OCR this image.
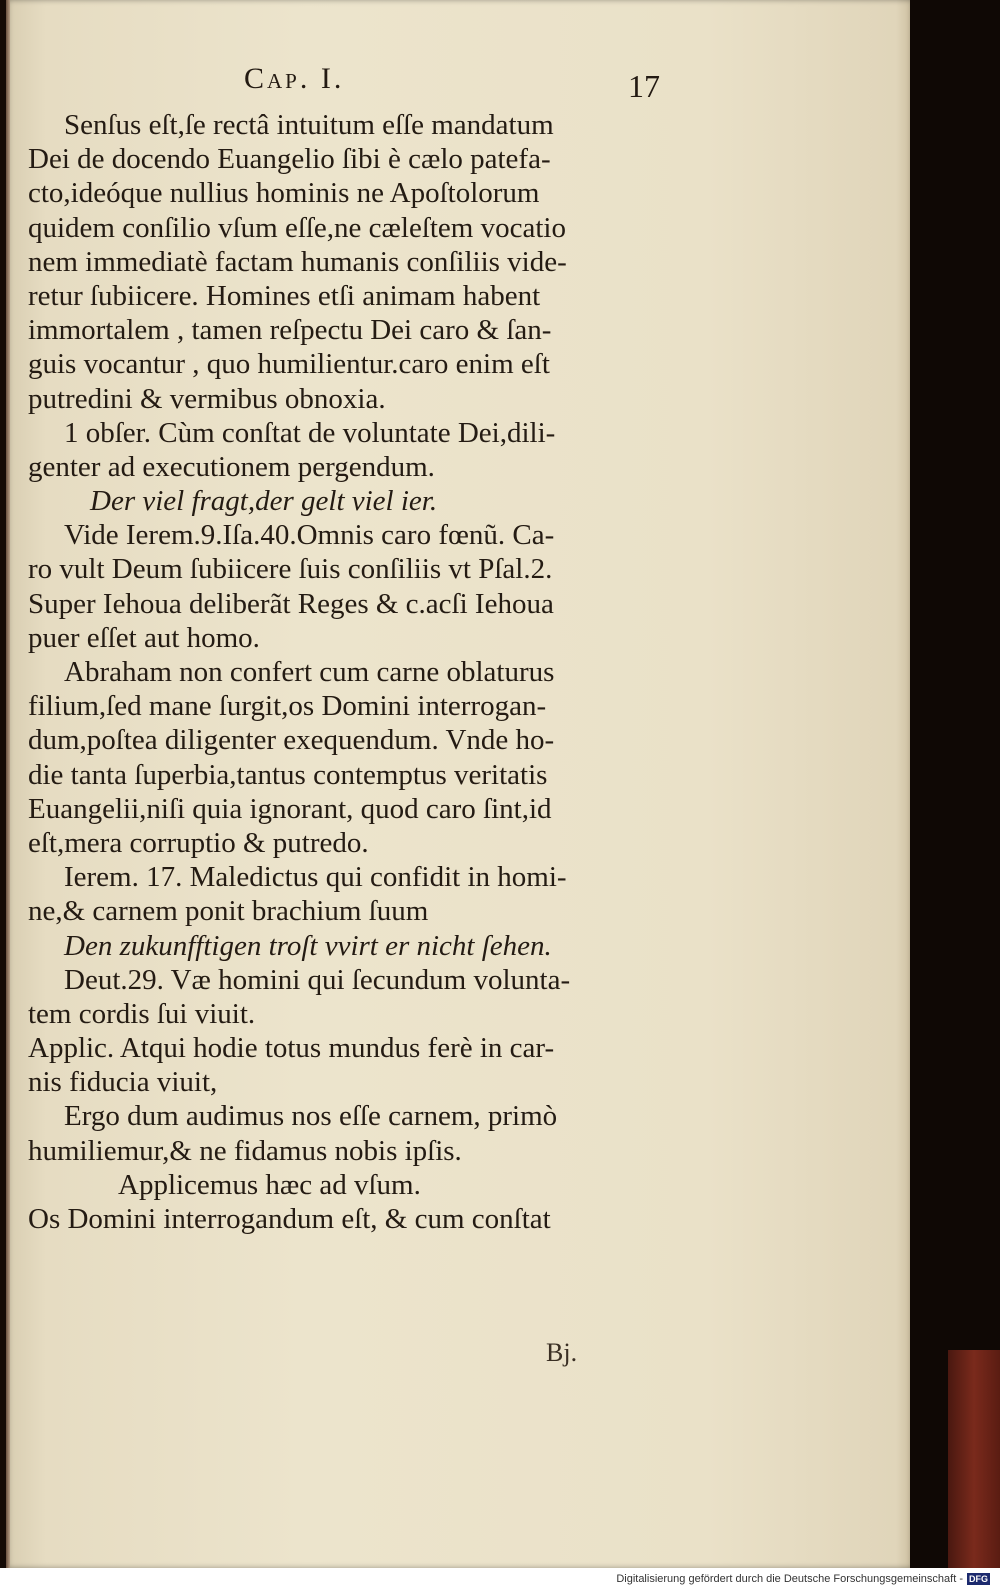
Cap. I.	17
Senſus eſt,ſe rectâ intuitum eſſe mandatum
Dei de docendo Euangelio ſibi è cælo patefa-
cto,ideóque nullius hominis ne Apoſtolorum
quidem conſilio vſum eſſe,ne cæleſtem vocatio
nem immediatè factam humanis conſiliis vide-
retur ſubiicere. Homines etſi animam habent
immortalem , tamen reſpectu Dei caro & ſan-
guis vocantur , quo humilientur.caro enim eſt
putredini & vermibus obnoxia.
1 obſer. Cùm conſtat de voluntate Dei,dili-
genter ad executionem pergendum.
Der viel fragt,der gelt viel ier.
Vide Ierem.9.Iſa.40.Omnis caro fœnũ. Ca-
ro vult Deum ſubiicere ſuis conſiliis vt Pſal.2.
Super Iehoua deliberãt Reges & c.acſi Iehoua
puer eſſet aut homo.
Abraham non confert cum carne oblaturus
filium,ſed mane ſurgit,os Domini interrogan-
dum,poſtea diligenter exequendum. Vnde ho-
die tanta ſuperbia,tantus contemptus veritatis
Euangelii,niſi quia ignorant, quod caro ſint,id
eſt,mera corruptio & putredo.
Ierem. 17. Maledictus qui confidit in homi-
ne,& carnem ponit brachium ſuum
Den zukunfftigen troſt vvirt er nicht ſehen.
Deut.29. Væ homini qui ſecundum volunta-
tem cordis ſui viuit.
Applic. Atqui hodie totus mundus ferè in car-
nis fiducia viuit,
Ergo dum audimus nos eſſe carnem, primò
humiliemur,& ne fidamus nobis ipſis.
Applicemus hæc ad vſum.
Os Domini interrogandum eſt, & cum conſtat
Bj.
Digitalisierung gefördert durch die Deutsche Forschungsgemeinschaft - DFG
